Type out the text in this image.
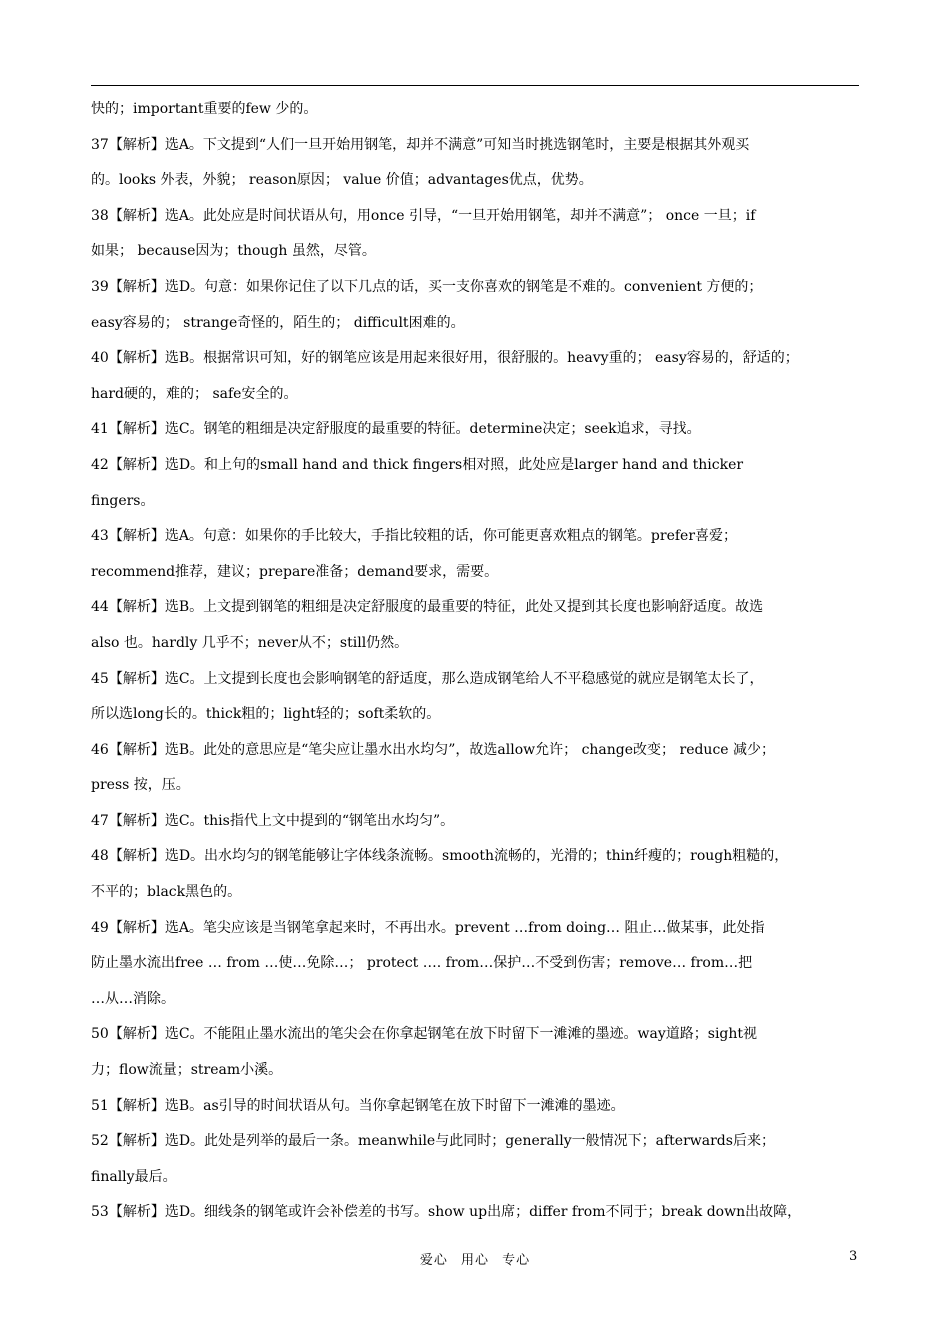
快的；important重要的few 少的。
37【解析】选A。下文提到“人们一旦开始用钢笔，却并不满意”可知当时挑选钢笔时，主要是根据其外观买
的。looks 外表，外貌； reason原因； value 价值；advantages优点，优势。
38【解析】选A。此处应是时间状语从句，用once 引导，“一旦开始用钢笔，却并不满意”； once 一旦；if
如果； because因为；though 虽然，尽管。
39【解析】选D。句意：如果你记住了以下几点的话，买一支你喜欢的钢笔是不难的。convenient 方便的；
easy容易的； strange奇怪的，陌生的； difficult困难的。
40【解析】选B。根据常识可知，好的钢笔应该是用起来很好用，很舒服的。heavy重的； easy容易的，舒适的；
hard硬的，难的； safe安全的。
41【解析】选C。钢笔的粗细是决定舒服度的最重要的特征。determine决定；seek追求，寻找。
42【解析】选D。和上句的small hand and thick fingers相对照，此处应是larger hand and thicker
fingers。
43【解析】选A。句意：如果你的手比较大，手指比较粗的话，你可能更喜欢粗点的钢笔。prefer喜爱；
recommend推荐，建议；prepare准备；demand要求，需要。
44【解析】选B。上文提到钢笔的粗细是决定舒服度的最重要的特征，此处又提到其长度也影响舒适度。故选
also 也。hardly 几乎不；never从不；still仍然。
45【解析】选C。上文提到长度也会影响钢笔的舒适度，那么造成钢笔给人不平稳感觉的就应是钢笔太长了，
所以选long长的。thick粗的；light轻的；soft柔软的。
46【解析】选B。此处的意思应是“笔尖应让墨水出水均匀”，故选allow允许； change改变； reduce 减少；
press 按，压。
47【解析】选C。this指代上文中提到的“钢笔出水均匀”。
48【解析】选D。出水均匀的钢笔能够让字体线条流畅。smooth流畅的，光滑的；thin纤瘦的；rough粗糙的，
不平的；black黑色的。
49【解析】选A。笔尖应该是当钢笔拿起来时，不再出水。prevent …from doing… 阻止…做某事，此处指
防止墨水流出free … from …使…免除…； protect …. from…保护…不受到伤害；remove… from…把
…从…消除。
50【解析】选C。不能阻止墨水流出的笔尖会在你拿起钢笔在放下时留下一滩滩的墨迹。way道路；sight视
力；flow流量；stream小溪。
51【解析】选B。as引导的时间状语从句。当你拿起钢笔在放下时留下一滩滩的墨迹。
52【解析】选D。此处是列举的最后一条。meanwhile与此同时；generally一般情况下；afterwards后来；
finally最后。
53【解析】选D。细线条的钢笔或许会补偿差的书写。show up出席；differ from不同于；break down出故障，
爱心 用心 专心	3
